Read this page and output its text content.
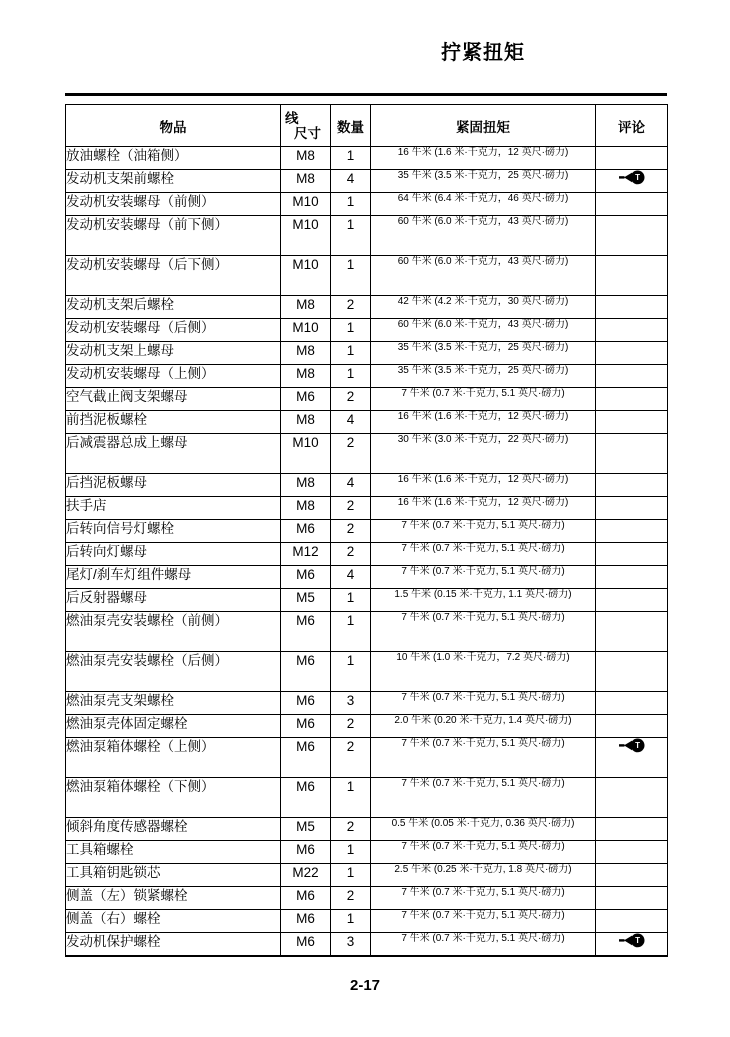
拧紧扭矩
物品	线
尺寸	数量	紧固扭矩	评论
放油螺栓（油箱侧）	M8	1	16 牛米 (1.6 米·千克力，12 英尺·磅力)	
发动机支架前螺栓	M8	4	35 牛米 (3.5 米·千克力，25 英尺·磅力)	T

发动机安装螺母（前侧）	M10	1	64 牛米 (6.4 米·千克力，46 英尺·磅力)	
发动机安装螺母（前下侧）	M10	1	60 牛米 (6.0 米·千克力，43 英尺·磅力)	
发动机安装螺母（后下侧）	M10	1	60 牛米 (6.0 米·千克力，43 英尺·磅力)	
发动机支架后螺栓	M8	2	42 牛米 (4.2 米·千克力，30 英尺·磅力)	
发动机安装螺母（后侧）	M10	1	60 牛米 (6.0 米·千克力，43 英尺·磅力)	
发动机支架上螺母	M8	1	35 牛米 (3.5 米·千克力，25 英尺·磅力)	
发动机安装螺母（上侧）	M8	1	35 牛米 (3.5 米·千克力，25 英尺·磅力)	
空气截止阀支架螺母	M6	2	7 牛米 (0.7 米·千克力, 5.1 英尺·磅力)	
前挡泥板螺栓	M8	4	16 牛米 (1.6 米·千克力，12 英尺·磅力)	
后减震器总成上螺母	M10	2	30 牛米 (3.0 米·千克力，22 英尺·磅力)	
后挡泥板螺母	M8	4	16 牛米 (1.6 米·千克力，12 英尺·磅力)	
扶手店	M8	2	16 牛米 (1.6 米·千克力，12 英尺·磅力)	
后转向信号灯螺栓	M6	2	7 牛米 (0.7 米·千克力, 5.1 英尺·磅力)	
后转向灯螺母	M12	2	7 牛米 (0.7 米·千克力, 5.1 英尺·磅力)	
尾灯/刹车灯组件螺母	M6	4	7 牛米 (0.7 米·千克力, 5.1 英尺·磅力)	
后反射器螺母	M5	1	1.5 牛米 (0.15 米·千克力, 1.1 英尺·磅力)	
燃油泵壳安装螺栓（前侧）	M6	1	7 牛米 (0.7 米·千克力, 5.1 英尺·磅力)	
燃油泵壳安装螺栓（后侧）	M6	1	10 牛米 (1.0 米·千克力，7.2 英尺·磅力)	
燃油泵壳支架螺栓	M6	3	7 牛米 (0.7 米·千克力, 5.1 英尺·磅力)	
燃油泵壳体固定螺栓	M6	2	2.0 牛米 (0.20 米·千克力, 1.4 英尺·磅力)	
燃油泵箱体螺栓（上侧）	M6	2	7 牛米 (0.7 米·千克力, 5.1 英尺·磅力)	T

燃油泵箱体螺栓（下侧）	M6	1	7 牛米 (0.7 米·千克力, 5.1 英尺·磅力)	
倾斜角度传感器螺栓	M5	2	0.5 牛米 (0.05 米·千克力, 0.36 英尺·磅力)	
工具箱螺栓	M6	1	7 牛米 (0.7 米·千克力, 5.1 英尺·磅力)	
工具箱钥匙锁芯	M22	1	2.5 牛米 (0.25 米·千克力, 1.8 英尺·磅力)	
侧盖（左）锁紧螺栓	M6	2	7 牛米 (0.7 米·千克力, 5.1 英尺·磅力)	
侧盖（右）螺栓	M6	1	7 牛米 (0.7 米·千克力, 5.1 英尺·磅力)	
发动机保护螺栓	M6	3	7 牛米 (0.7 米·千克力, 5.1 英尺·磅力)	T
2-17
